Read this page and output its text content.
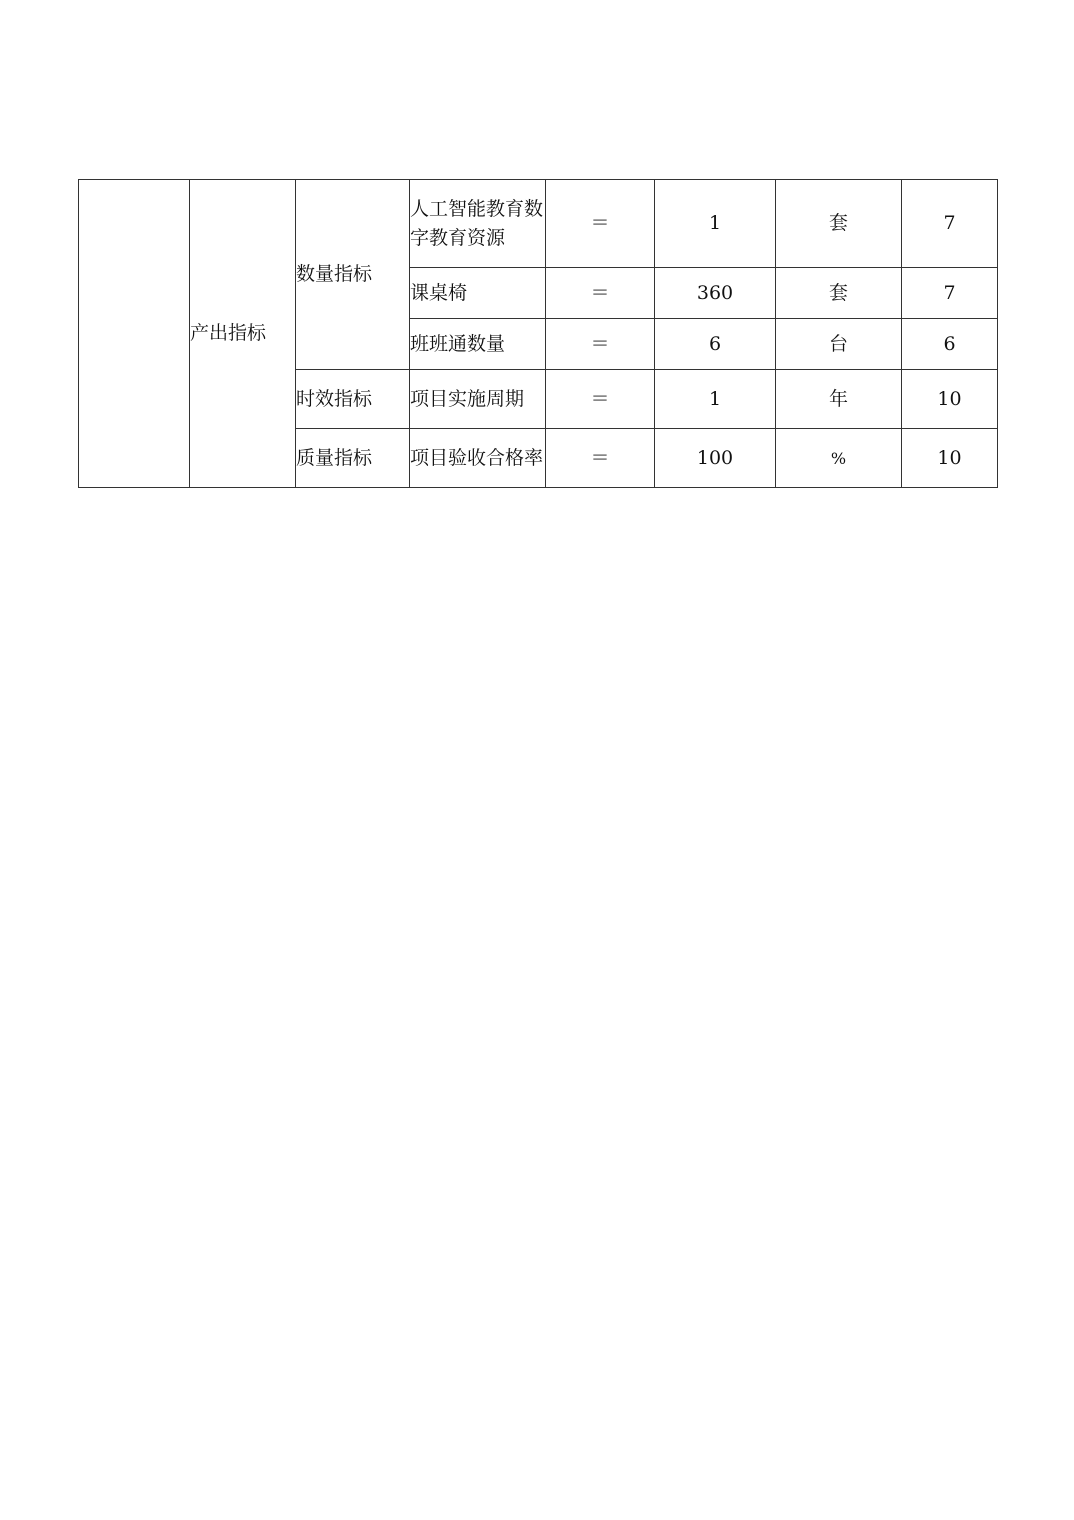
	产出指标	数量指标	人工智能教育数字教育资源	＝	1	套	7
			课桌椅	＝	360	套	7
			班班通数量	＝	6	台	6
		时效指标	项目实施周期	＝	1	年	10
		质量指标	项目验收合格率	＝	100	%	10
